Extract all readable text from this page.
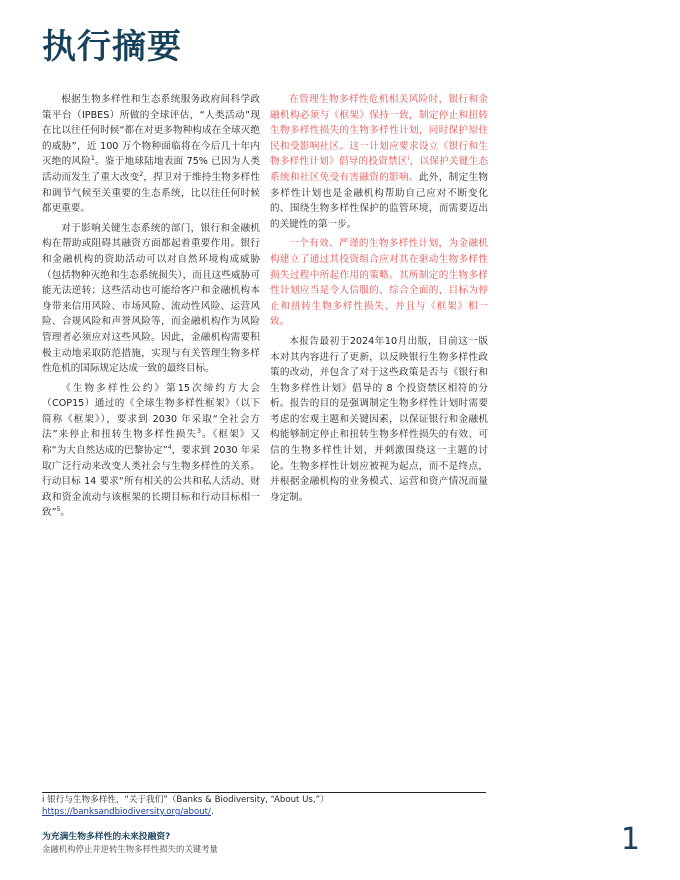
执行摘要

根据生物多样性和生态系统服务政府间科学政策平台（IPBES）所做的全球评估，“人类活动”现在比以往任何时候“都在对更多物种构成在全球灭绝的威胁”，近 100 万个物种面临将在今后几十年内灭绝的风险$^1$。鉴于地球陆地表面 75% 已因为人类活动而发生了重大改变$^2$，捍卫对于维持生物多样性和调节气候至关重要的生态系统，比以往任何时候都更重要。

对于影响关键生态系统的部门，银行和金融机构在帮助或阻碍其融资方面都起着重要作用。银行和金融机构的资助活动可以对自然环境构成威胁（包括物种灭绝和生态系统损失），而且这些威胁可能无法逆转；这些活动也可能给客户和金融机构本身带来信用风险、市场风险、流动性风险、运营风险、合规风险和声誉风险等，而金融机构作为风险管理者必须应对这些风险。因此，金融机构需要积极主动地采取防范措施，实现与有关管理生物多样性危机的国际规定达成一致的最终目标。

《生物多样性公约》第15次缔约方大会（COP15）通过的《全球生物多样性框架》（以下简称《框架》），要求到 2030 年采取“全社会方法”来停止和扭转生物多样性损失$^3$。《框架》又称“为大自然达成的巴黎协定”$^4$，要求到 2030 年采取广泛行动来改变人类社会与生物多样性的关系。行动目标 14 要求“所有相关的公共和私人活动、财政和资金流动与该框架的长期目标和行动目标相一致”$^5$。

在管理生物多样性危机相关风险时，银行和金融机构必须与《框架》保持一致，制定停止和扭转生物多样性损失的生物多样性计划，同时保护原住民和受影响社区。这一计划应要求设立《银行和生物多样性计划》倡导的投资禁区$^i$，以保护关键生态系统和社区免受有害融资的影响。此外，制定生物多样性计划也是金融机构帮助自己应对不断变化的、围绕生物多样性保护的监管环境，而需要迈出的关键性的第一步。

一个有效、严谨的生物多样性计划，为金融机构建立了通过其投资组合应对其在驱动生物多样性损失过程中所起作用的策略。其所制定的生物多样性计划应当是令人信服的、综合全面的，目标为停止和扭转生物多样性损失、并且与《框架》相一致。

本报告最初于2024年10月出版，目前这一版本对其内容进行了更新，以反映银行生物多样性政策的改动，并包含了对于这些政策是否与《银行和生物多样性计划》倡导的 8 个投资禁区相符的分析。报告的目的是强调制定生物多样性计划时需要考虑的宏观主题和关键因素，以保证银行和金融机构能够制定停止和扭转生物多样性损失的有效、可信的生物多样性计划，并刺激围绕这一主题的讨论。生物多样性计划应被视为起点，而不是终点，并根据金融机构的业务模式、运营和资产情况而量身定制。

i 银行与生物多样性，“关于我们”（Banks & Biodiversity, “About Us,”） https://banksandbiodiversity.org/about/.
为充满生物多样性的未来投融资?
金融机构停止并逆转生物多样性损失的关键考量	1
